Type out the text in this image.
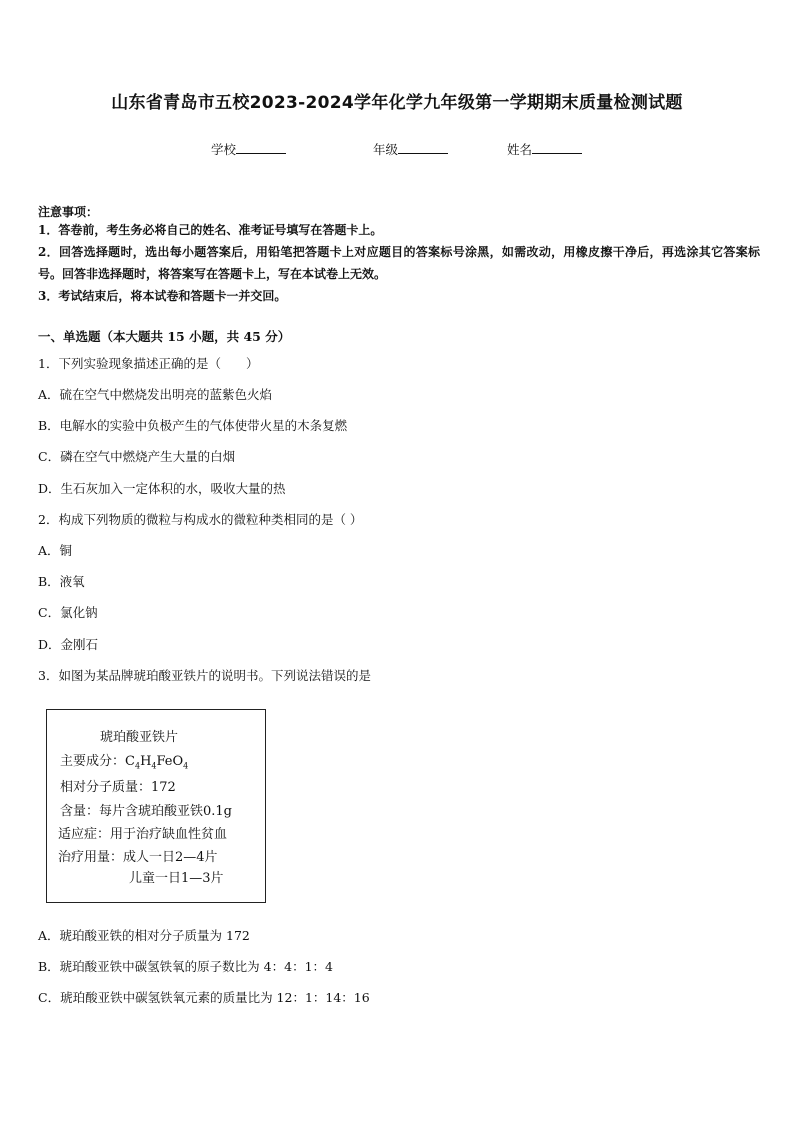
山东省青岛市五校2023-2024学年化学九年级第一学期期末质量检测试题
学校	年级	姓名
注意事项：
1．答卷前，考生务必将自己的姓名、准考证号填写在答题卡上。
2．回答选择题时，选出每小题答案后，用铅笔把答题卡上对应题目的答案标号涂黑，如需改动，用橡皮擦干净后，再选涂其它答案标号。回答非选择题时，将答案写在答题卡上，写在本试卷上无效。
3．考试结束后，将本试卷和答题卡一并交回。
一、单选题（本大题共 15 小题，共 45 分）
1．下列实验现象描述正确的是（　　）
A．硫在空气中燃烧发出明亮的蓝紫色火焰
B．电解水的实验中负极产生的气体使带火星的木条复燃
C．磷在空气中燃烧产生大量的白烟
D．生石灰加入一定体积的水，吸收大量的热
2．构成下列物质的微粒与构成水的微粒种类相同的是（ ）
A．铜
B．液氧
C．氯化钠
D．金刚石
3．如图为某品牌琥珀酸亚铁片的说明书。下列说法错误的是
琥珀酸亚铁片
主要成分：$C_4H_4FeO_4$
相对分子质量：172
含量：每片含琥珀酸亚铁0.1g
适应症：用于治疗缺血性贫血
治疗用量：成人一日2—4片
儿童一日1—3片
A．琥珀酸亚铁的相对分子质量为 172
B．琥珀酸亚铁中碳氢铁氧的原子数比为 4：4：1：4
C．琥珀酸亚铁中碳氢铁氧元素的质量比为 12：1：14：16
